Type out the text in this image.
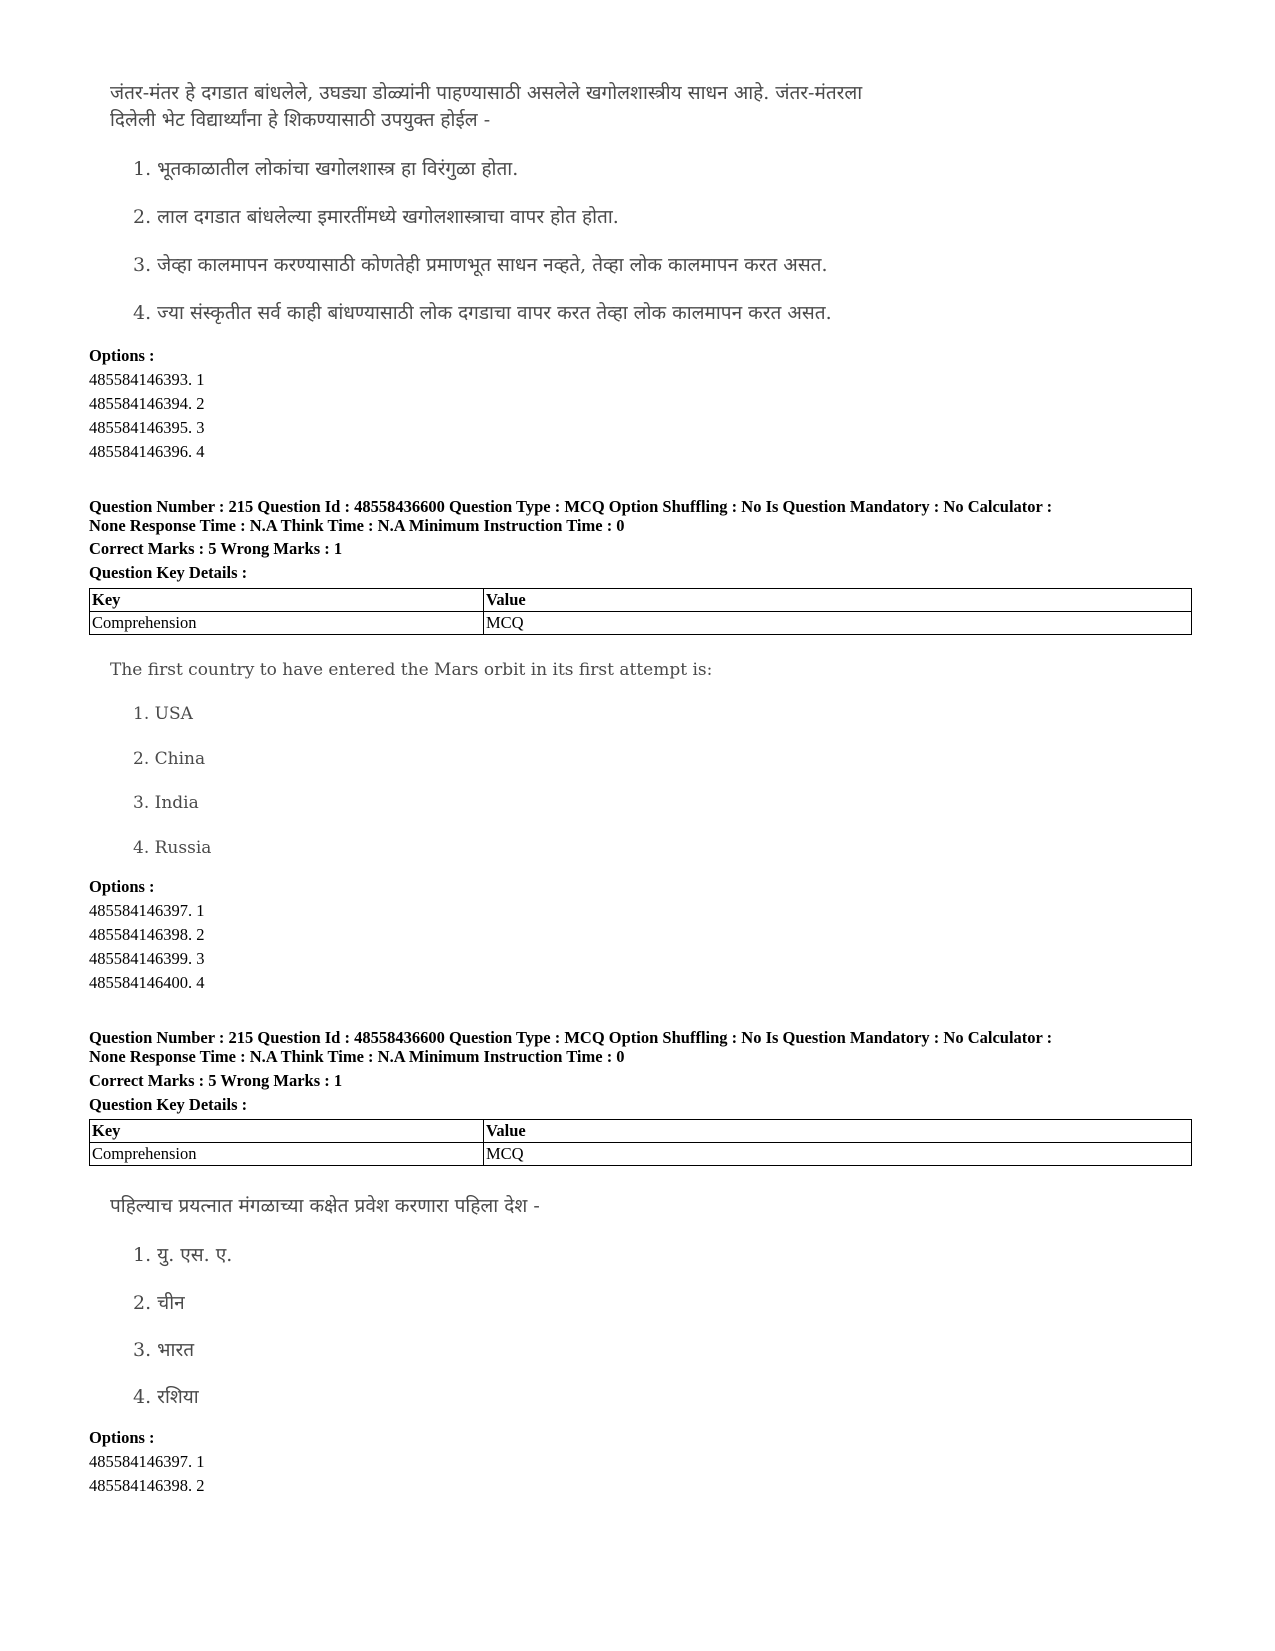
जंतर-मंतर हे दगडात बांधलेले, उघड्या डोळ्यांनी पाहण्यासाठी असलेले खगोलशास्त्रीय साधन आहे. जंतर-मंतरला
दिलेली भेट विद्यार्थ्यांना हे शिकण्यासाठी उपयुक्त होईल -
1. भूतकाळातील लोकांचा खगोलशास्त्र हा विरंगुळा होता.
2. लाल दगडात बांधलेल्या इमारतींमध्ये खगोलशास्त्राचा वापर होत होता.
3. जेव्हा कालमापन करण्यासाठी कोणतेही प्रमाणभूत साधन नव्हते, तेव्हा लोक कालमापन करत असत.
4. ज्या संस्कृतीत सर्व काही बांधण्यासाठी लोक दगडाचा वापर करत तेव्हा लोक कालमापन करत असत.
Options :
485584146393. 1
485584146394. 2
485584146395. 3
485584146396. 4
Question Number : 215 Question Id : 48558436600 Question Type : MCQ Option Shuffling : No Is Question Mandatory : No Calculator :
None Response Time : N.A Think Time : N.A Minimum Instruction Time : 0
Correct Marks : 5 Wrong Marks : 1
Question Key Details :
Key	Value
Comprehension	MCQ
The first country to have entered the Mars orbit in its first attempt is:
1. USA
2. China
3. India
4. Russia
Options :
485584146397. 1
485584146398. 2
485584146399. 3
485584146400. 4
Question Number : 215 Question Id : 48558436600 Question Type : MCQ Option Shuffling : No Is Question Mandatory : No Calculator :
None Response Time : N.A Think Time : N.A Minimum Instruction Time : 0
Correct Marks : 5 Wrong Marks : 1
Question Key Details :
Key	Value
Comprehension	MCQ
पहिल्याच प्रयत्नात मंगळाच्या कक्षेत प्रवेश करणारा पहिला देश -
1. यु. एस. ए.
2. चीन
3. भारत
4. रशिया
Options :
485584146397. 1
485584146398. 2
